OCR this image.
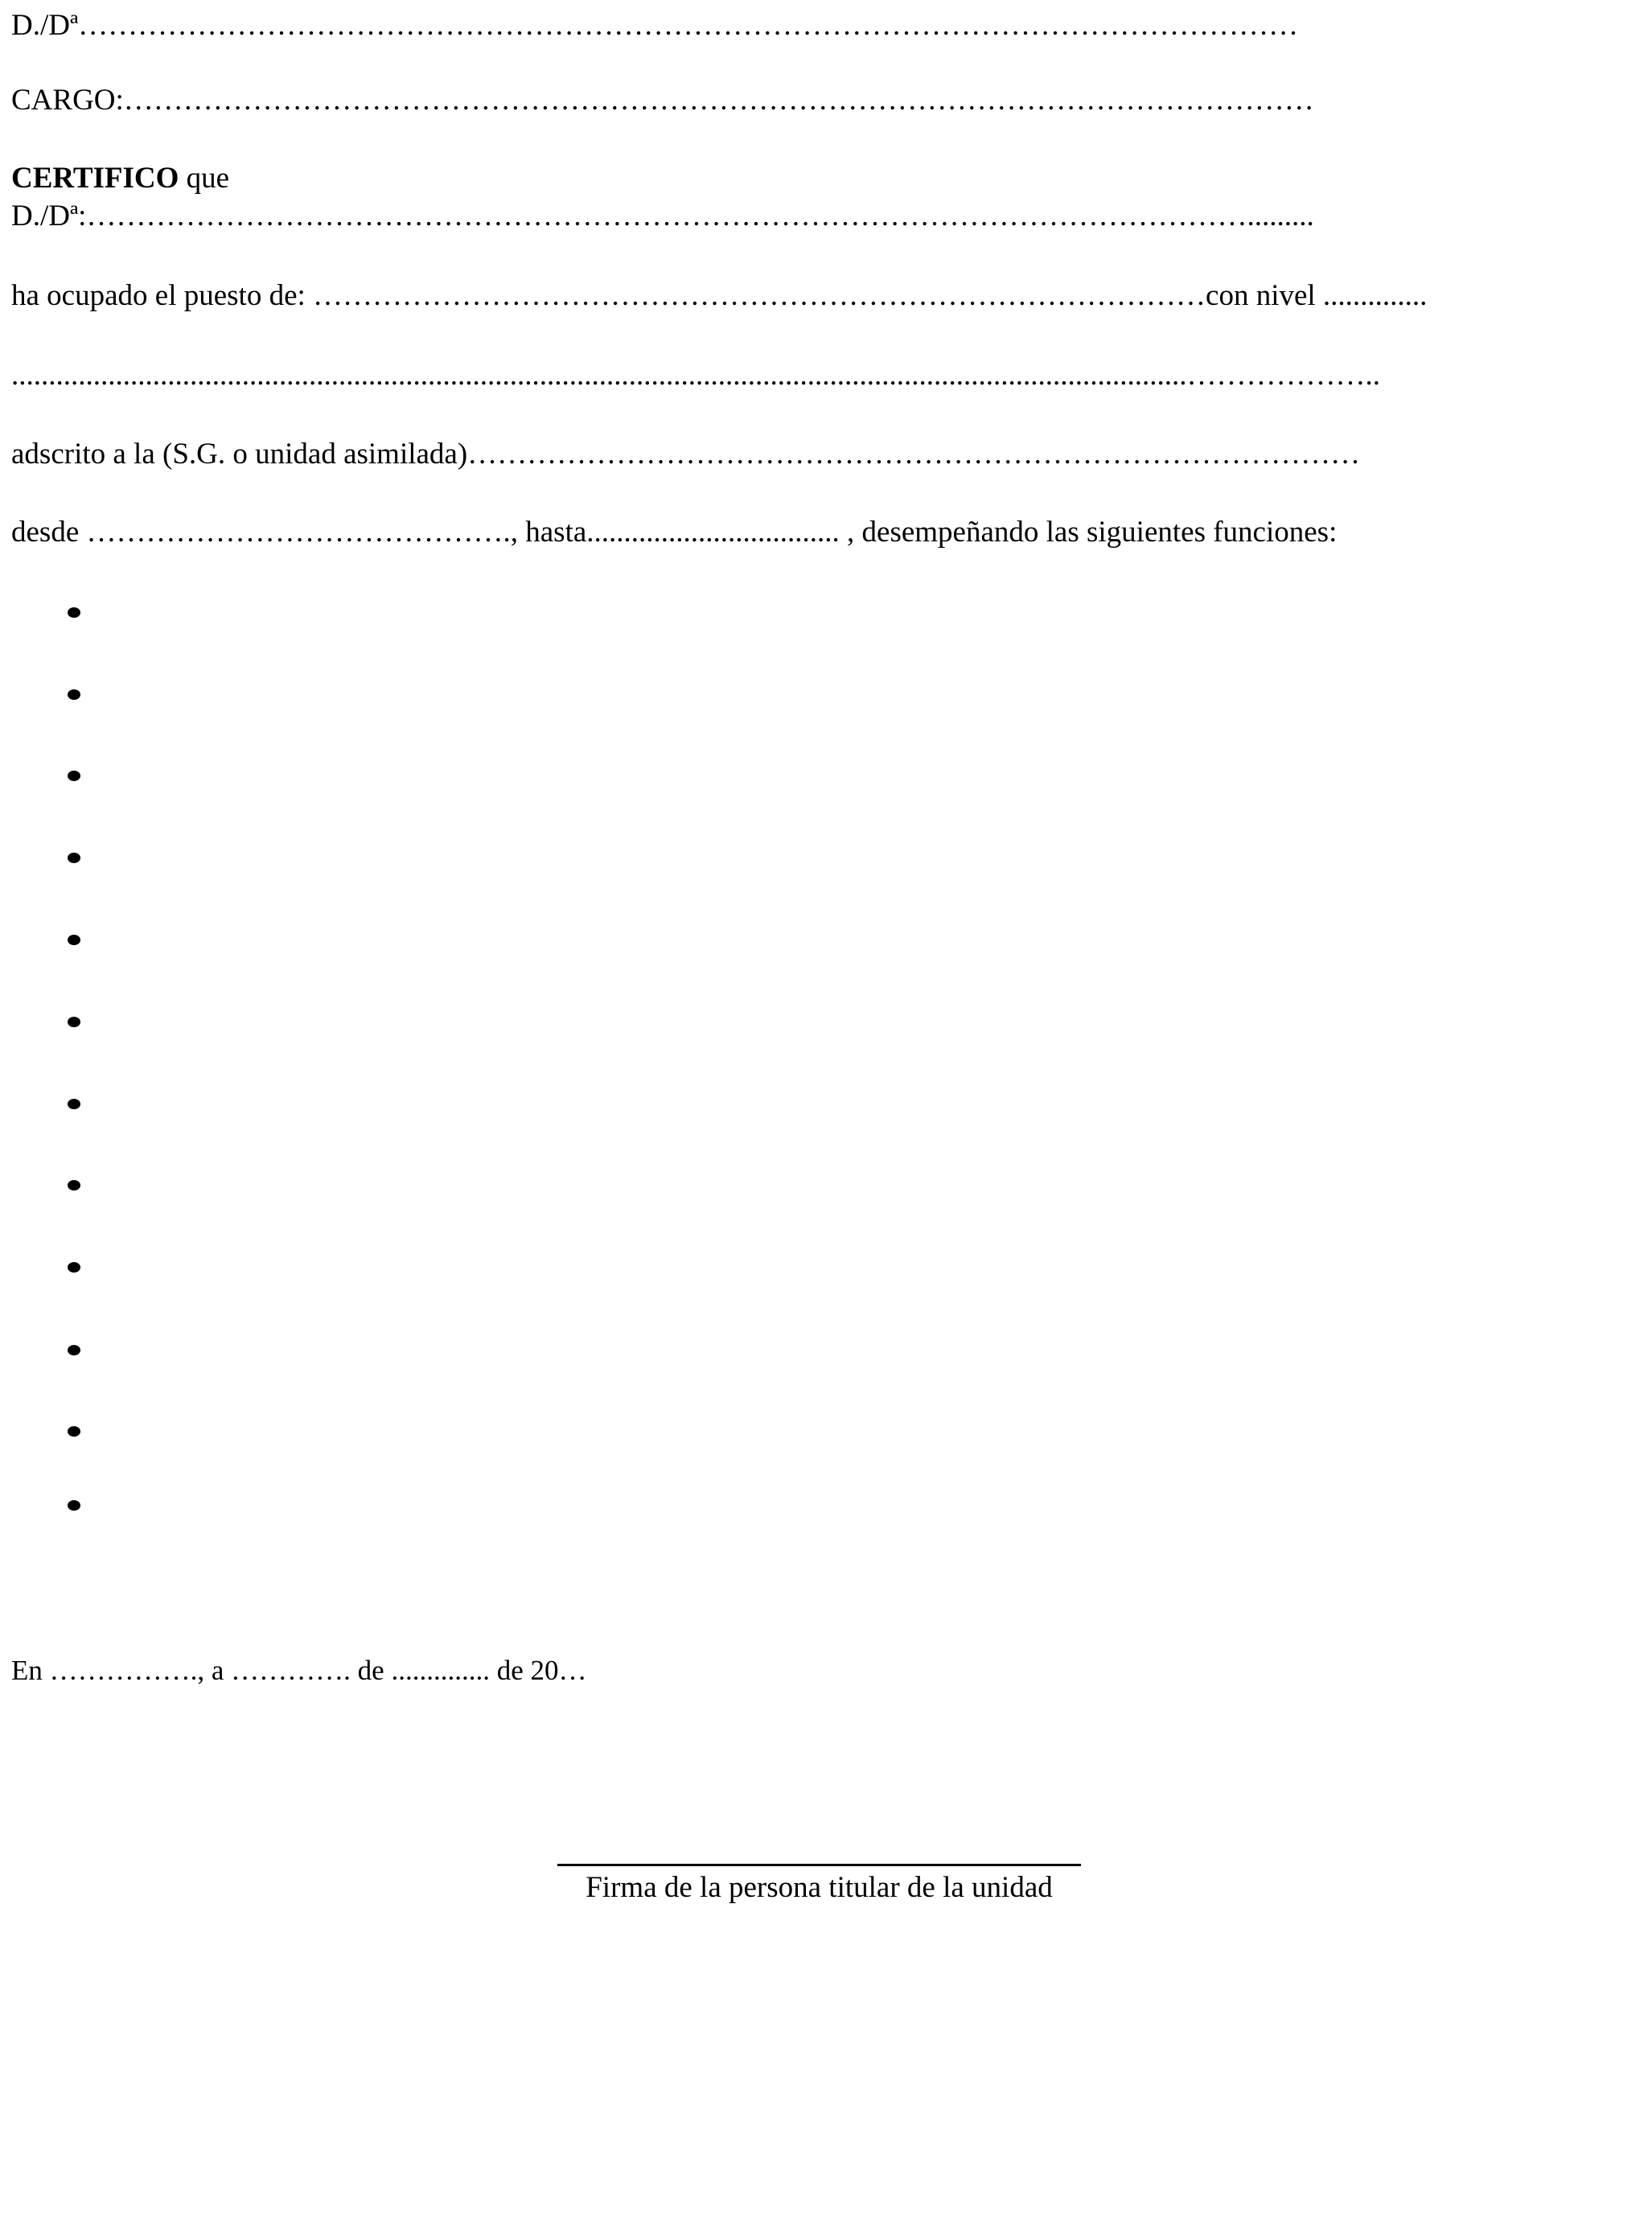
D./Dª……………………………………………………………………………………………………………
CARGO:…………………………………………………………………………………………………………
CERTIFICO que
D./Dª:……………………………………………………………………………………………………….........
ha ocupado el puesto de: ………………………………………………………………………………con nivel ..............
..............................................................................................................................................................………………..
adscrito a la (S.G. o unidad asimilada)………………………………………………………………………………
desde ……………………………………., hasta.................................. , desempeñando las siguientes funciones:
En ……………., a …………. de .............. de 20…
Firma de la persona titular de la unidad
